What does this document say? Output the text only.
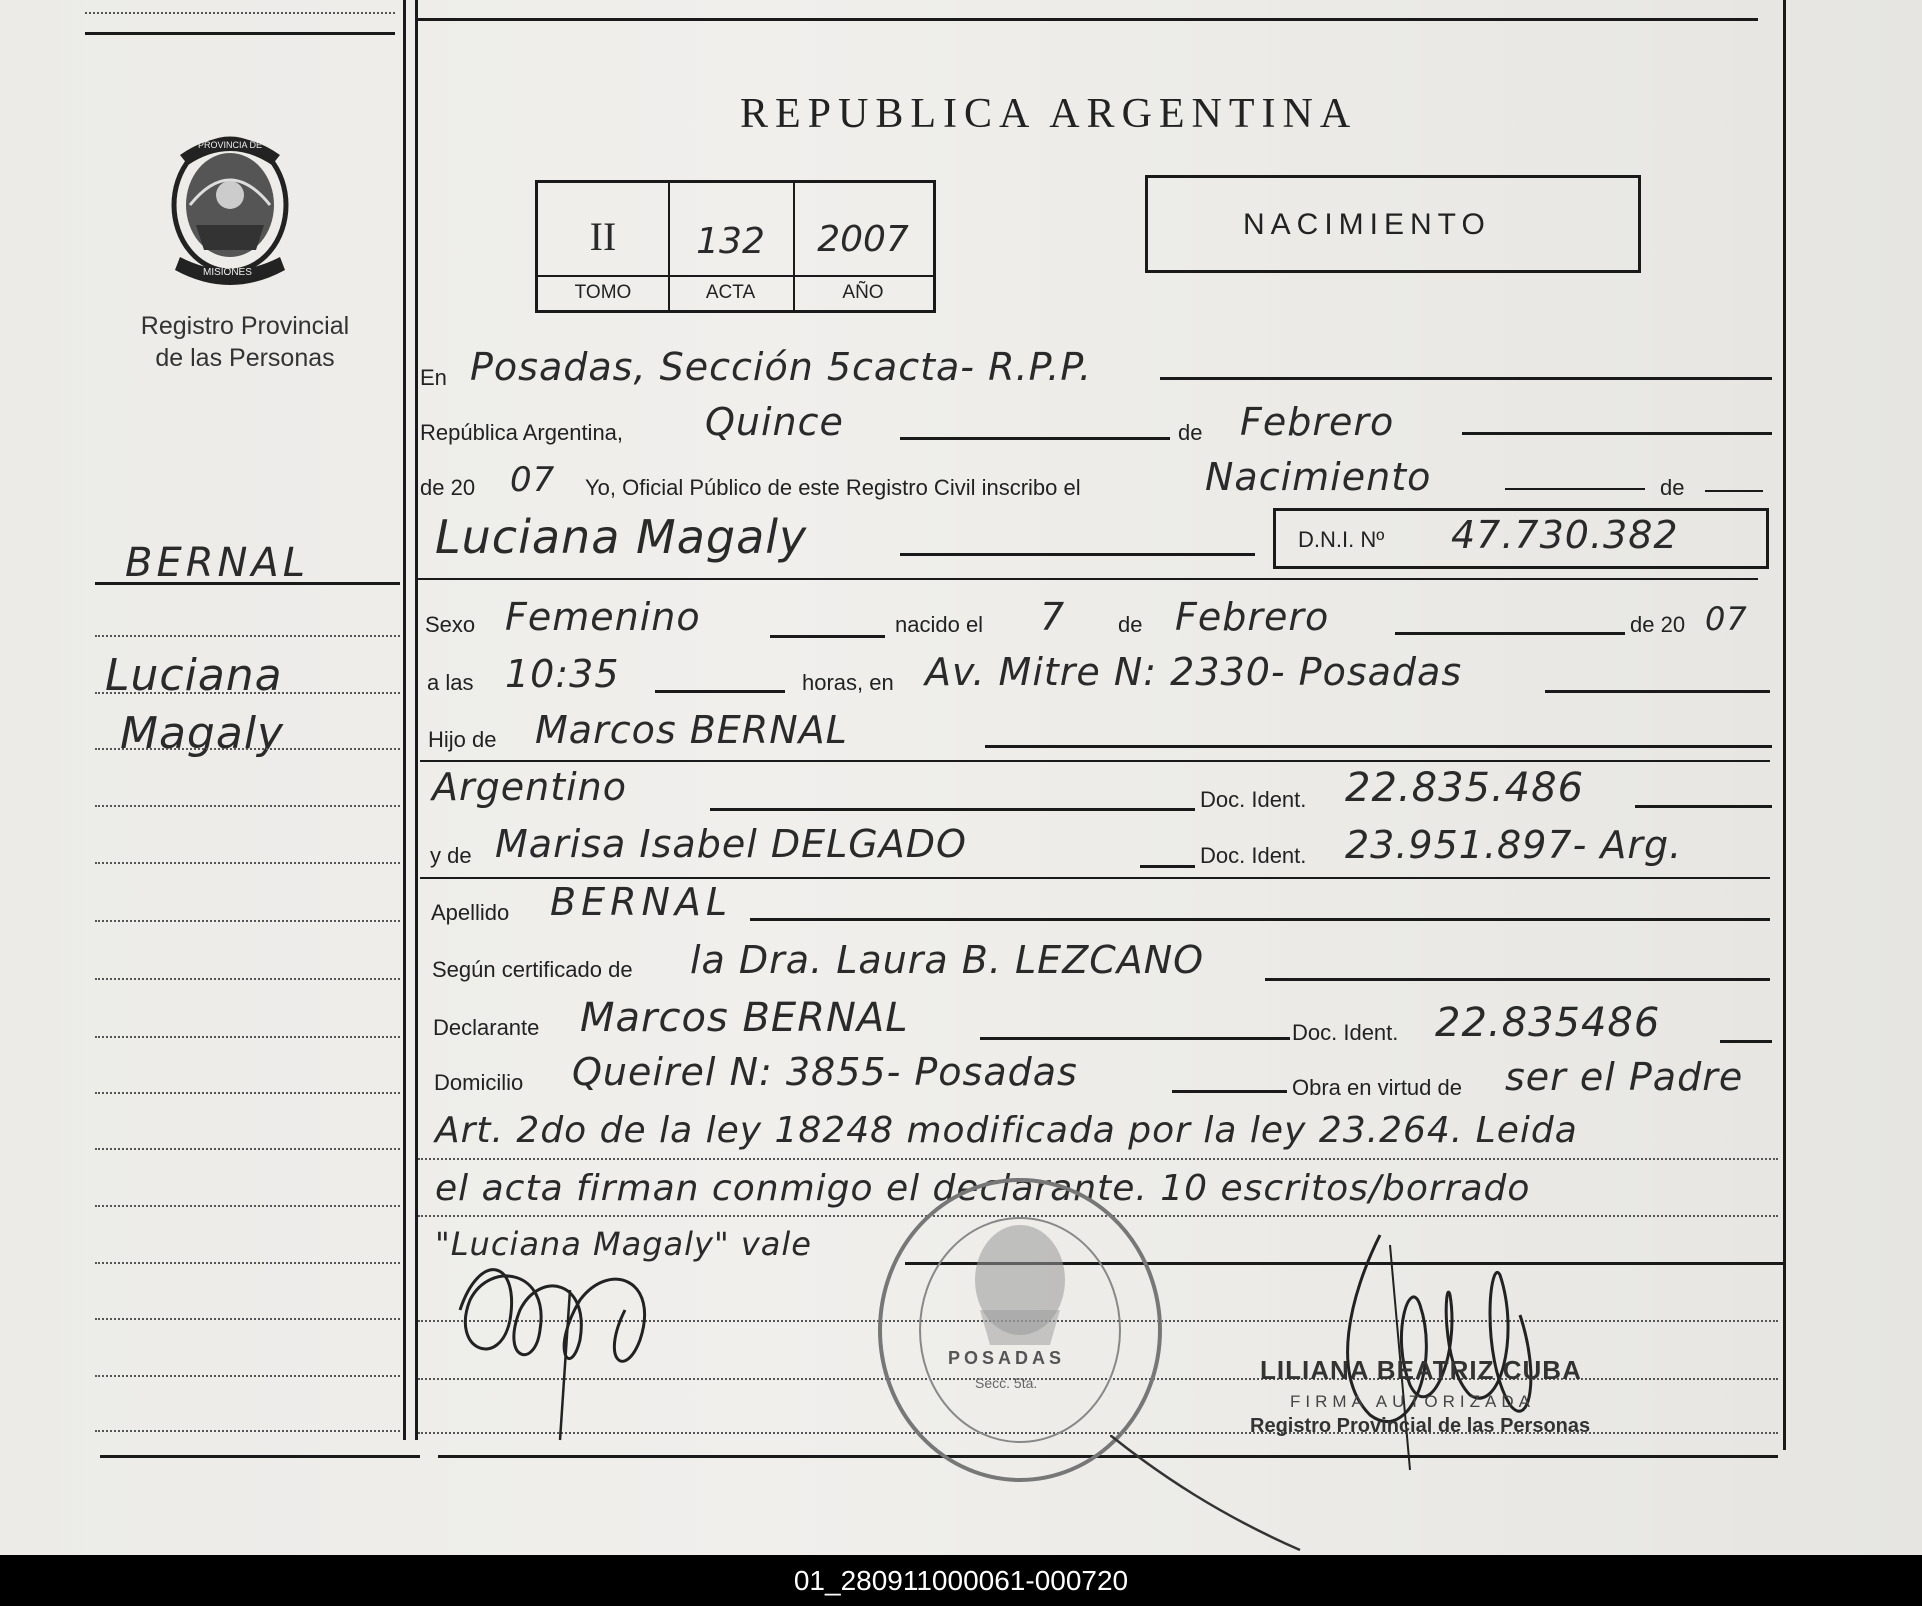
PROVINCIA DE
MISIONES
Registro Provincial
de las Personas
BERNAL
Luciana
Magaly
REPUBLICA ARGENTINA
II	132	2007
TOMO	ACTA	AÑO
NACIMIENTO
En Posadas, Sección 5cacta- R.P.P.
República Argentina, Quince	de Febrero
de 20 07 Yo, Oficial Público de este Registro Civil inscribo el	Nacimiento	de
Luciana Magaly	D.N.I. Nº 47.730.382
Sexo Femenino	nacido el 7 de Febrero	de 20 07
a las 10:35	horas, en Av. Mitre N: 2330- Posadas
Hijo de Marcos BERNAL
Argentino	Doc. Ident. 22.835.486
y de Marisa Isabel DELGADO	Doc. Ident. 23.951.897- Arg.
Apellido BERNAL
Según certificado de la Dra. Laura B. LEZCANO
Declarante Marcos BERNAL	Doc. Ident. 22.835486
Domicilio Queirel N: 3855- Posadas	Obra en virtud de ser el Padre
Art. 2do de la ley 18248 modificada por la ley 23.264. Leida
el acta firman conmigo el declarante. 10 escritos/borrado
"Luciana Magaly" vale
POSADAS
Secc. 5ta.	LILIANA BEATRIZ CUBA
FIRMA AUTORIZADA
Registro Provincial de las Personas
01_280911000061-000720
